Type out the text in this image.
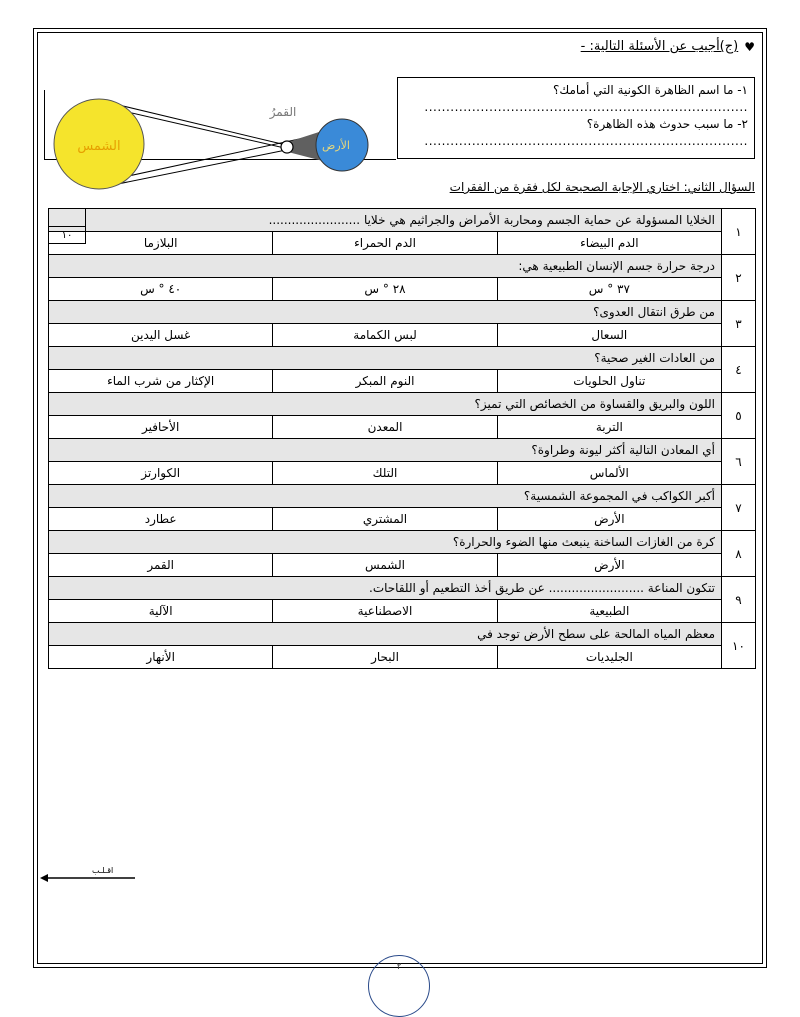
♥
(ج)أجيب عن الأسئلة التالية: -
الشمس
القمرُ
الأرض
١- ما اسم الظاهرة الكونية التي أمامك؟
...........................................................................
٢- ما سبب حدوث هذه الظاهرة؟
...........................................................................
السؤال الثاني: اختاري الإجابة الصحيحة لكل فقرة من الفقرات
١	الخلايا المسؤولة عن حماية الجسم ومحاربة الأمراض والجراثيم هي خلايا ........................		
	الدم البيضاء	الدم الحمراء	البلازما
٢	درجة حرارة جسم الإنسان الطبيعية هي:		
	٣٧ ° س	٢٨ ° س	٤٠ ° س
٣	من طرق انتقال العدوى؟		
	السعال	لبس الكمامة	غسل اليدين
٤	من العادات الغير صحية؟		
	تناول الحلويات	النوم المبكر	الإكثار من شرب الماء
٥	اللون والبريق والقساوة من الخصائص التي تميز؟		
	التربة	المعدن	الأحافير
٦	أي المعادن التالية أكثر ليونة وطراوة؟		
	الألماس	التلك	الكوارتز
٧	أكبر الكواكب في المجموعة الشمسية؟		
	الأرض	المشتري	عطارد
٨	كرة من الغازات الساخنة ينبعث منها الضوء والحرارة؟		
	الأرض	الشمس	القمر
٩	تتكون المناعة ......................... عن طريق أخذ التطعيم أو اللقاحات.		
	الطبيعية	الاصطناعية	الآلية
١٠	معظم المياه المالحة على سطح الأرض توجد في		
	الجليديات	البحار	الأنهار
١٠
اقـلـب
٢
